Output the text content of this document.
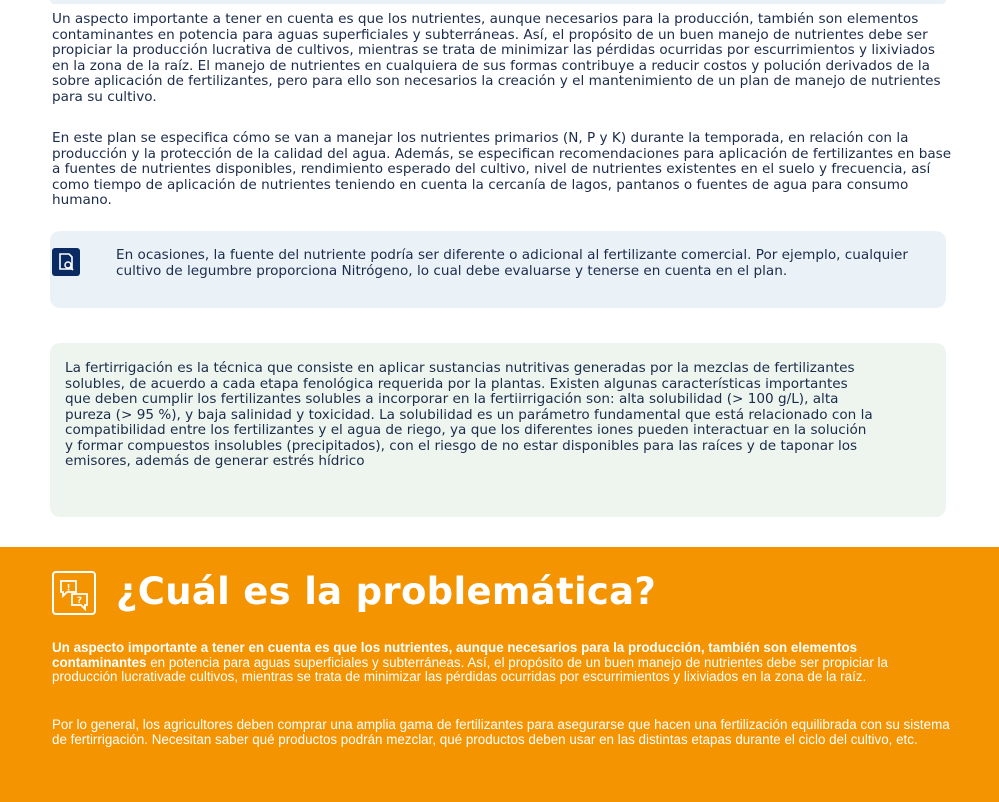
Un aspecto importante a tener en cuenta es que los nutrientes, aunque necesarios para la producción, también son elementos contaminantes en potencia para aguas superficiales y subterráneas. Así, el propósito de un buen manejo de nutrientes debe ser propiciar la producción lucrativa de cultivos, mientras se trata de minimizar las pérdidas ocurridas por escurrimientos y lixiviados en la zona de la raíz. El manejo de nutrientes en cualquiera de sus formas contribuye a reducir costos y polución derivados de la sobre aplicación de fertilizantes, pero para ello son necesarios la creación y el mantenimiento de un plan de manejo de nutrientes para su cultivo.

En este plan se especifica cómo se van a manejar los nutrientes primarios (N, P y K) durante la temporada, en relación con la producción y la protección de la calidad del agua. Además, se especifican recomendaciones para aplicación de fertilizantes en base a fuentes de nutrientes disponibles, rendimiento esperado del cultivo, nivel de nutrientes existentes en el suelo y frecuencia, así como tiempo de aplicación de nutrientes teniendo en cuenta la cercanía de lagos, pantanos o fuentes de agua para consumo humano.

En ocasiones, la fuente del nutriente podría ser diferente o adicional al fertilizante comercial. Por ejemplo, cualquier cultivo de legumbre proporciona Nitrógeno, lo cual debe evaluarse y tenerse en cuenta en el plan.

La fertirrigación es la técnica que consiste en aplicar sustancias nutritivas generadas por la mezclas de fertilizantes solubles, de acuerdo a cada etapa fenológica requerida por la plantas. Existen algunas características importantes que deben cumplir los fertilizantes solubles a incorporar en la fertiirrigación son: alta solubilidad (> 100 g/L), alta pureza (> 95 %), y baja salinidad y toxicidad. La solubilidad es un parámetro fundamental que está relacionado con la compatibilidad entre los fertilizantes y el agua de riego, ya que los diferentes iones pueden interactuar en la solución y formar compuestos insolubles (precipitados), con el riesgo de no estar disponibles para las raíces y de taponar los emisores, además de generar estrés hídrico

!
? ¿Cuál es la problemática?

Un aspecto importante a tener en cuenta es que los nutrientes, aunque necesarios para la producción, también son elementos contaminantes en potencia para aguas superficiales y subterráneas. Así, el propósito de un buen manejo de nutrientes debe ser propiciar la producción lucrativade cultivos, mientras se trata de minimizar las pérdidas ocurridas por escurrimientos y lixiviados en la zona de la raíz.

Por lo general, los agricultores deben comprar una amplia gama de fertilizantes para asegurarse que hacen una fertilización equilibrada con su sistema de fertirrigación. Necesitan saber qué productos podrán mezclar, qué productos deben usar en las distintas etapas durante el ciclo del cultivo, etc.
